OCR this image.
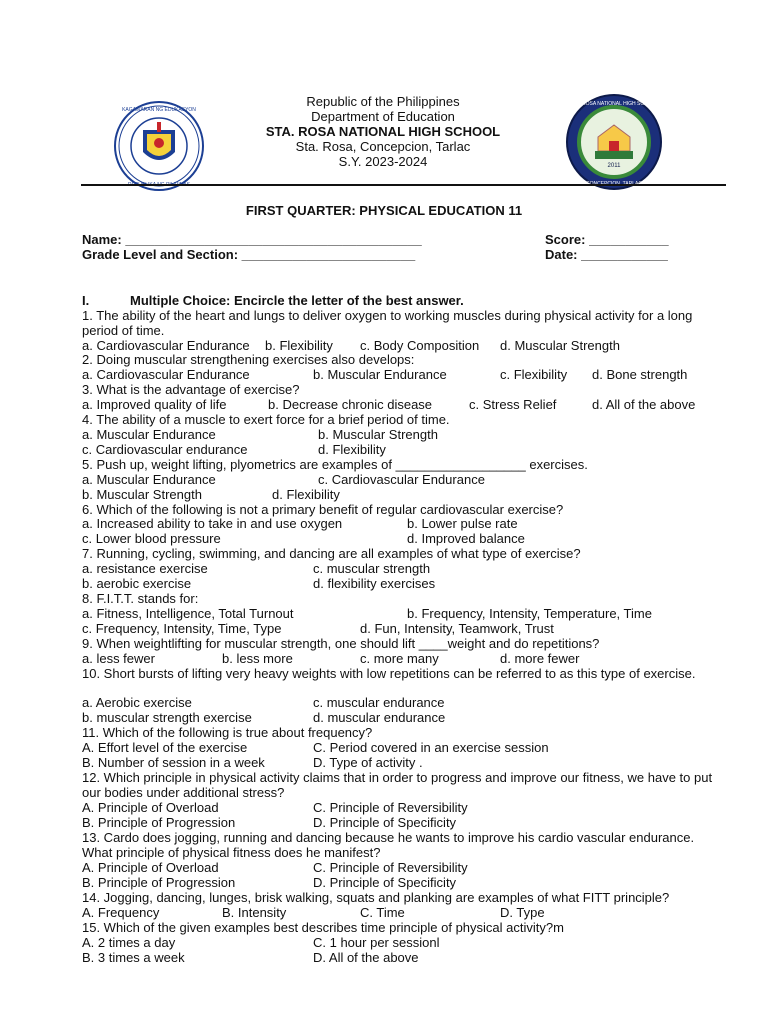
REPUBLIKA NG PILIPINAS
KAGAWARAN NG EDUKASYON
2011
STA. ROSA NATIONAL HIGH SCHOOL
CONCEPCION, TARLAC
Republic of the Philippines
Department of Education
STA. ROSA NATIONAL HIGH SCHOOL
Sta. Rosa, Concepcion, Tarlac
S.Y. 2023-2024
FIRST QUARTER: PHYSICAL EDUCATION 11
Name: _________________________________________	Score: ___________
Grade Level and Section: ________________________	Date: ____________
I.	Multiple Choice: Encircle the letter of the best answer.
1. The ability of the heart and lungs to deliver oxygen to working muscles during physical activity for a long period of time.
a. Cardiovascular Endurance b. Flexibility c. Body Composition d. Muscular Strength
2. Doing muscular strengthening exercises also develops:
a. Cardiovascular Endurance	b. Muscular Endurance	c. Flexibility d. Bone strength
3. What is the advantage of exercise?
a. Improved quality of life	b. Decrease chronic disease	c. Stress Relief	d. All of the above
4. The ability of a muscle to exert force for a brief period of time.
a. Muscular Endurance	b. Muscular Strength
c. Cardiovascular endurance	d. Flexibility
5. Push up, weight lifting, plyometrics are examples of __________________ exercises.
a. Muscular Endurance	c. Cardiovascular Endurance
b. Muscular Strength	d. Flexibility
6. Which of the following is not a primary benefit of regular cardiovascular exercise?
a. Increased ability to take in and use oxygen	b. Lower pulse rate
c. Lower blood pressure	d. Improved balance
7. Running, cycling, swimming, and dancing are all examples of what type of exercise?
a. resistance exercise	c. muscular strength
b. aerobic exercise	d. flexibility exercises
8. F.I.T.T. stands for:
a. Fitness, Intelligence, Total Turnout	b. Frequency, Intensity, Temperature, Time
c. Frequency, Intensity, Time, Type	d. Fun, Intensity, Teamwork, Trust
9. When weightlifting for muscular strength, one should lift ____weight and do repetitions?
a. less fewer	b. less more	c. more many	d. more fewer
10. Short bursts of lifting very heavy weights with low repetitions can be referred to as this type of exercise.
a. Aerobic exercise	c. muscular endurance
b. muscular strength exercise	d. muscular endurance
11. Which of the following is true about frequency?
A. Effort level of the exercise	C. Period covered in an exercise session
B. Number of session in a week	D. Type of activity .
12. Which principle in physical activity claims that in order to progress and improve our fitness, we have to put our bodies under additional stress?
A. Principle of Overload	C. Principle of Reversibility
B. Principle of Progression	D. Principle of Specificity
13. Cardo does jogging, running and dancing because he wants to improve his cardio vascular endurance. What principle of physical fitness does he manifest?
A. Principle of Overload	C. Principle of Reversibility
B. Principle of Progression	D. Principle of Specificity
14. Jogging, dancing, lunges, brisk walking, squats and planking are examples of what FITT principle?
A. Frequency	B. Intensity	C. Time	D. Type
15. Which of the given examples best describes time principle of physical activity?m
A. 2 times a day	C. 1 hour per sessionl
B. 3 times a week	D. All of the above
